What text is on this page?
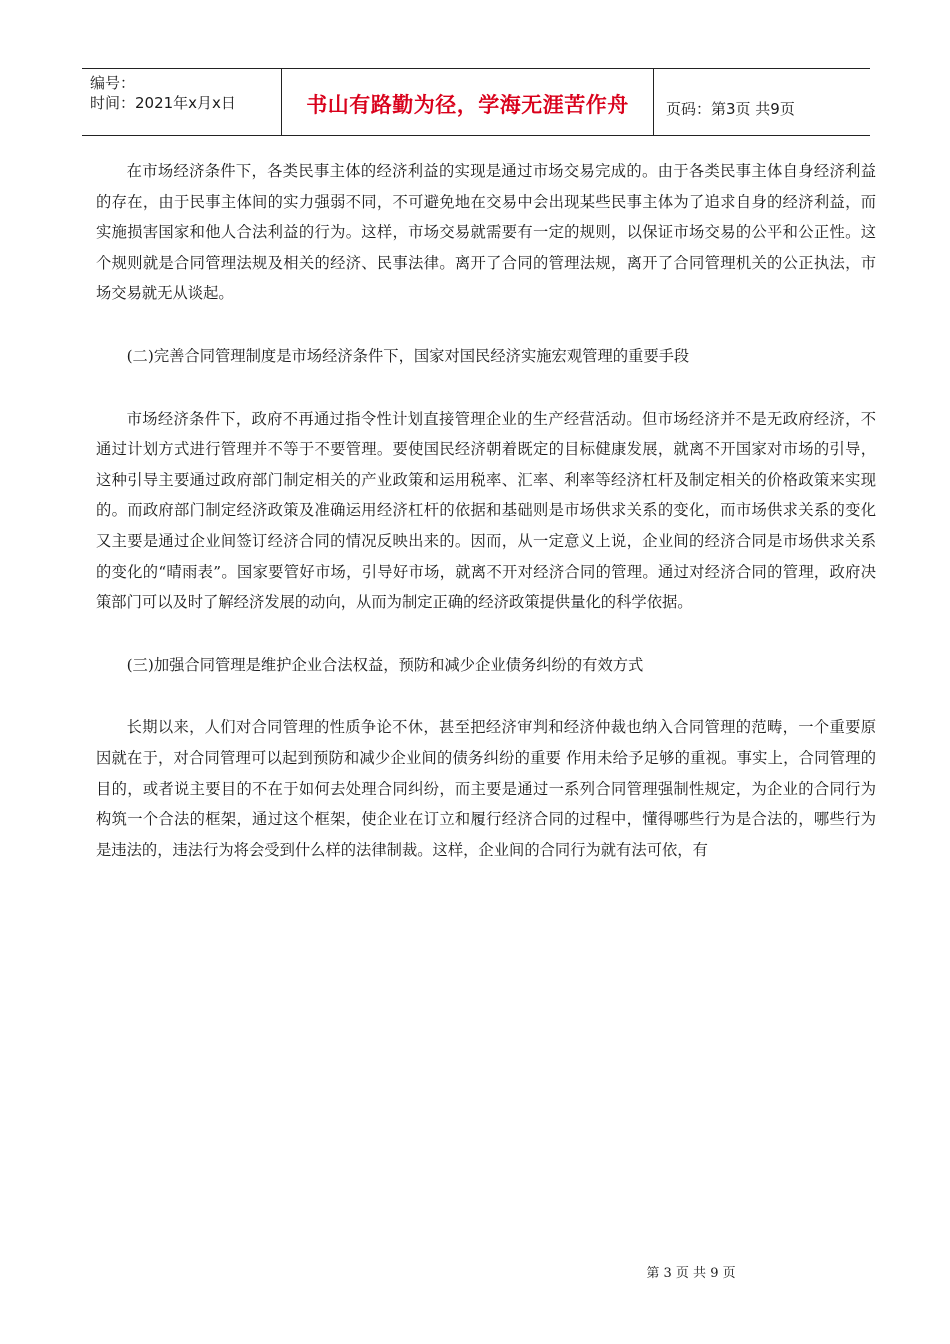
编号：
时间：2021年x月x日	书山有路勤为径，学海无涯苦作舟	页码：第3页 共9页

在市场经济条件下，各类民事主体的经济利益的实现是通过市场交易完成的。由于各类民事主体自身经济利益的存在，由于民事主体间的实力强弱不同，不可避免地在交易中会出现某些民事主体为了追求自身的经济利益，而实施损害国家和他人合法利益的行为。这样，市场交易就需要有一定的规则，以保证市场交易的公平和公正性。这个规则就是合同管理法规及相关的经济、民事法律。离开了合同的管理法规，离开了合同管理机关的公正执法，市场交易就无从谈起。

(二)完善合同管理制度是市场经济条件下，国家对国民经济实施宏观管理的重要手段

市场经济条件下，政府不再通过指令性计划直接管理企业的生产经营活动。但市场经济并不是无政府经济，不通过计划方式进行管理并不等于不要管理。要使国民经济朝着既定的目标健康发展，就离不开国家对市场的引导，这种引导主要通过政府部门制定相关的产业政策和运用税率、汇率、利率等经济杠杆及制定相关的价格政策来实现的。而政府部门制定经济政策及准确运用经济杠杆的依据和基础则是市场供求关系的变化，而市场供求关系的变化又主要是通过企业间签订经济合同的情况反映出来的。因而，从一定意义上说，企业间的经济合同是市场供求关系的变化的“晴雨表”。国家要管好市场，引导好市场，就离不开对经济合同的管理。通过对经济合同的管理，政府决策部门可以及时了解经济发展的动向，从而为制定正确的经济政策提供量化的科学依据。

(三)加强合同管理是维护企业合法权益，预防和减少企业债务纠纷的有效方式

长期以来，人们对合同管理的性质争论不休，甚至把经济审判和经济仲裁也纳入合同管理的范畴，一个重要原因就在于，对合同管理可以起到预防和减少企业间的债务纠纷的重要 作用未给予足够的重视。事实上，合同管理的目的，或者说主要目的不在于如何去处理合同纠纷，而主要是通过一系列合同管理强制性规定，为企业的合同行为构筑一个合法的框架，通过这个框架，使企业在订立和履行经济合同的过程中，懂得哪些行为是合法的，哪些行为是违法的，违法行为将会受到什么样的法律制裁。这样，企业间的合同行为就有法可依，有

第 3 页 共 9 页
